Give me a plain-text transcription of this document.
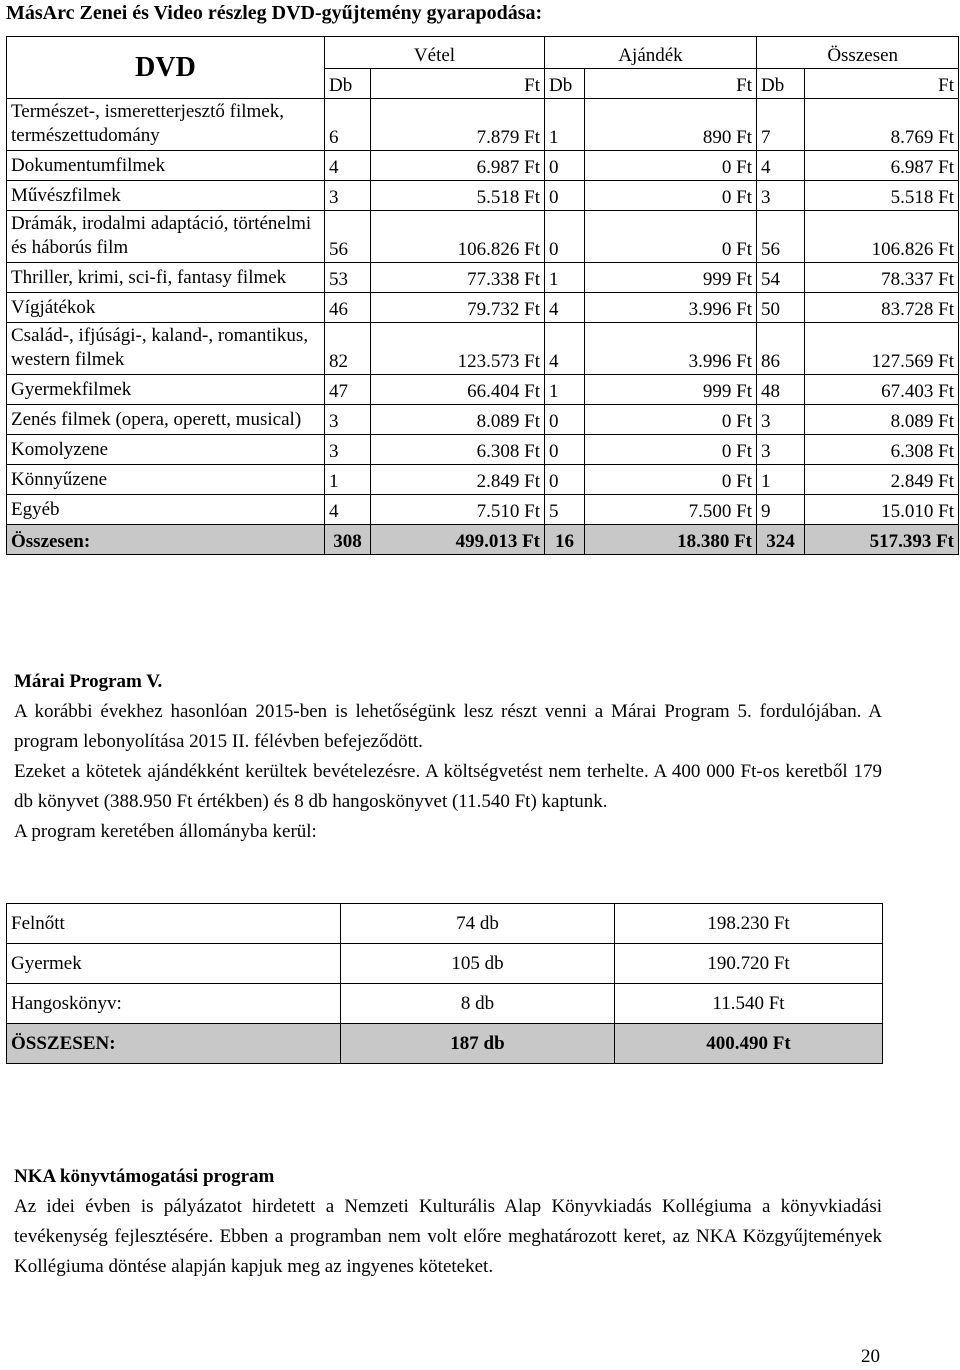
MásArc Zenei és Video részleg DVD-gyűjtemény gyarapodása:
DVD	Vétel		Ajándék		Összesen	
	Db	Ft	Db	Ft	Db	Ft
Természet-, ismeretterjesztő filmek, természettudomány	6	7.879 Ft	1	890 Ft	7	8.769 Ft
Dokumentumfilmek	4	6.987 Ft	0	0 Ft	4	6.987 Ft
Művészfilmek	3	5.518 Ft	0	0 Ft	3	5.518 Ft
Drámák, irodalmi adaptáció, történelmi és háborús film	56	106.826 Ft	0	0 Ft	56	106.826 Ft
Thriller, krimi, sci-fi, fantasy filmek	53	77.338 Ft	1	999 Ft	54	78.337 Ft
Vígjátékok	46	79.732 Ft	4	3.996 Ft	50	83.728 Ft
Család-, ifjúsági-, kaland-, romantikus, western filmek	82	123.573 Ft	4	3.996 Ft	86	127.569 Ft
Gyermekfilmek	47	66.404 Ft	1	999 Ft	48	67.403 Ft
Zenés filmek (opera, operett, musical)	3	8.089 Ft	0	0 Ft	3	8.089 Ft
Komolyzene	3	6.308 Ft	0	0 Ft	3	6.308 Ft
Könnyűzene	1	2.849 Ft	0	0 Ft	1	2.849 Ft
Egyéb	4	7.510 Ft	5	7.500 Ft	9	15.010 Ft
Összesen:	308	499.013 Ft	16	18.380 Ft	324	517.393 Ft

Márai Program V.

A korábbi évekhez hasonlóan 2015-ben is lehetőségünk lesz részt venni a Márai Program 5. fordulójában. A program lebonyolítása 2015 II. félévben befejeződött.

Ezeket a kötetek ajándékként kerültek bevételezésre. A költségvetést nem terhelte. A 400 000 Ft-os keretből 179 db könyvet (388.950 Ft értékben) és 8 db hangoskönyvet (11.540 Ft) kaptunk.

A program keretében állományba kerül:

Felnőtt	74 db	198.230 Ft
Gyermek	105 db	190.720 Ft
Hangoskönyv:	8 db	11.540 Ft
ÖSSZESEN:	187 db	400.490 Ft

NKA könyvtámogatási program

Az idei évben is pályázatot hirdetett a Nemzeti Kulturális Alap Könyvkiadás Kollégiuma a könyvkiadási tevékenység fejlesztésére. Ebben a programban nem volt előre meghatározott keret, az NKA Közgyűjtemények Kollégiuma döntése alapján kapjuk meg az ingyenes köteteket.

20
